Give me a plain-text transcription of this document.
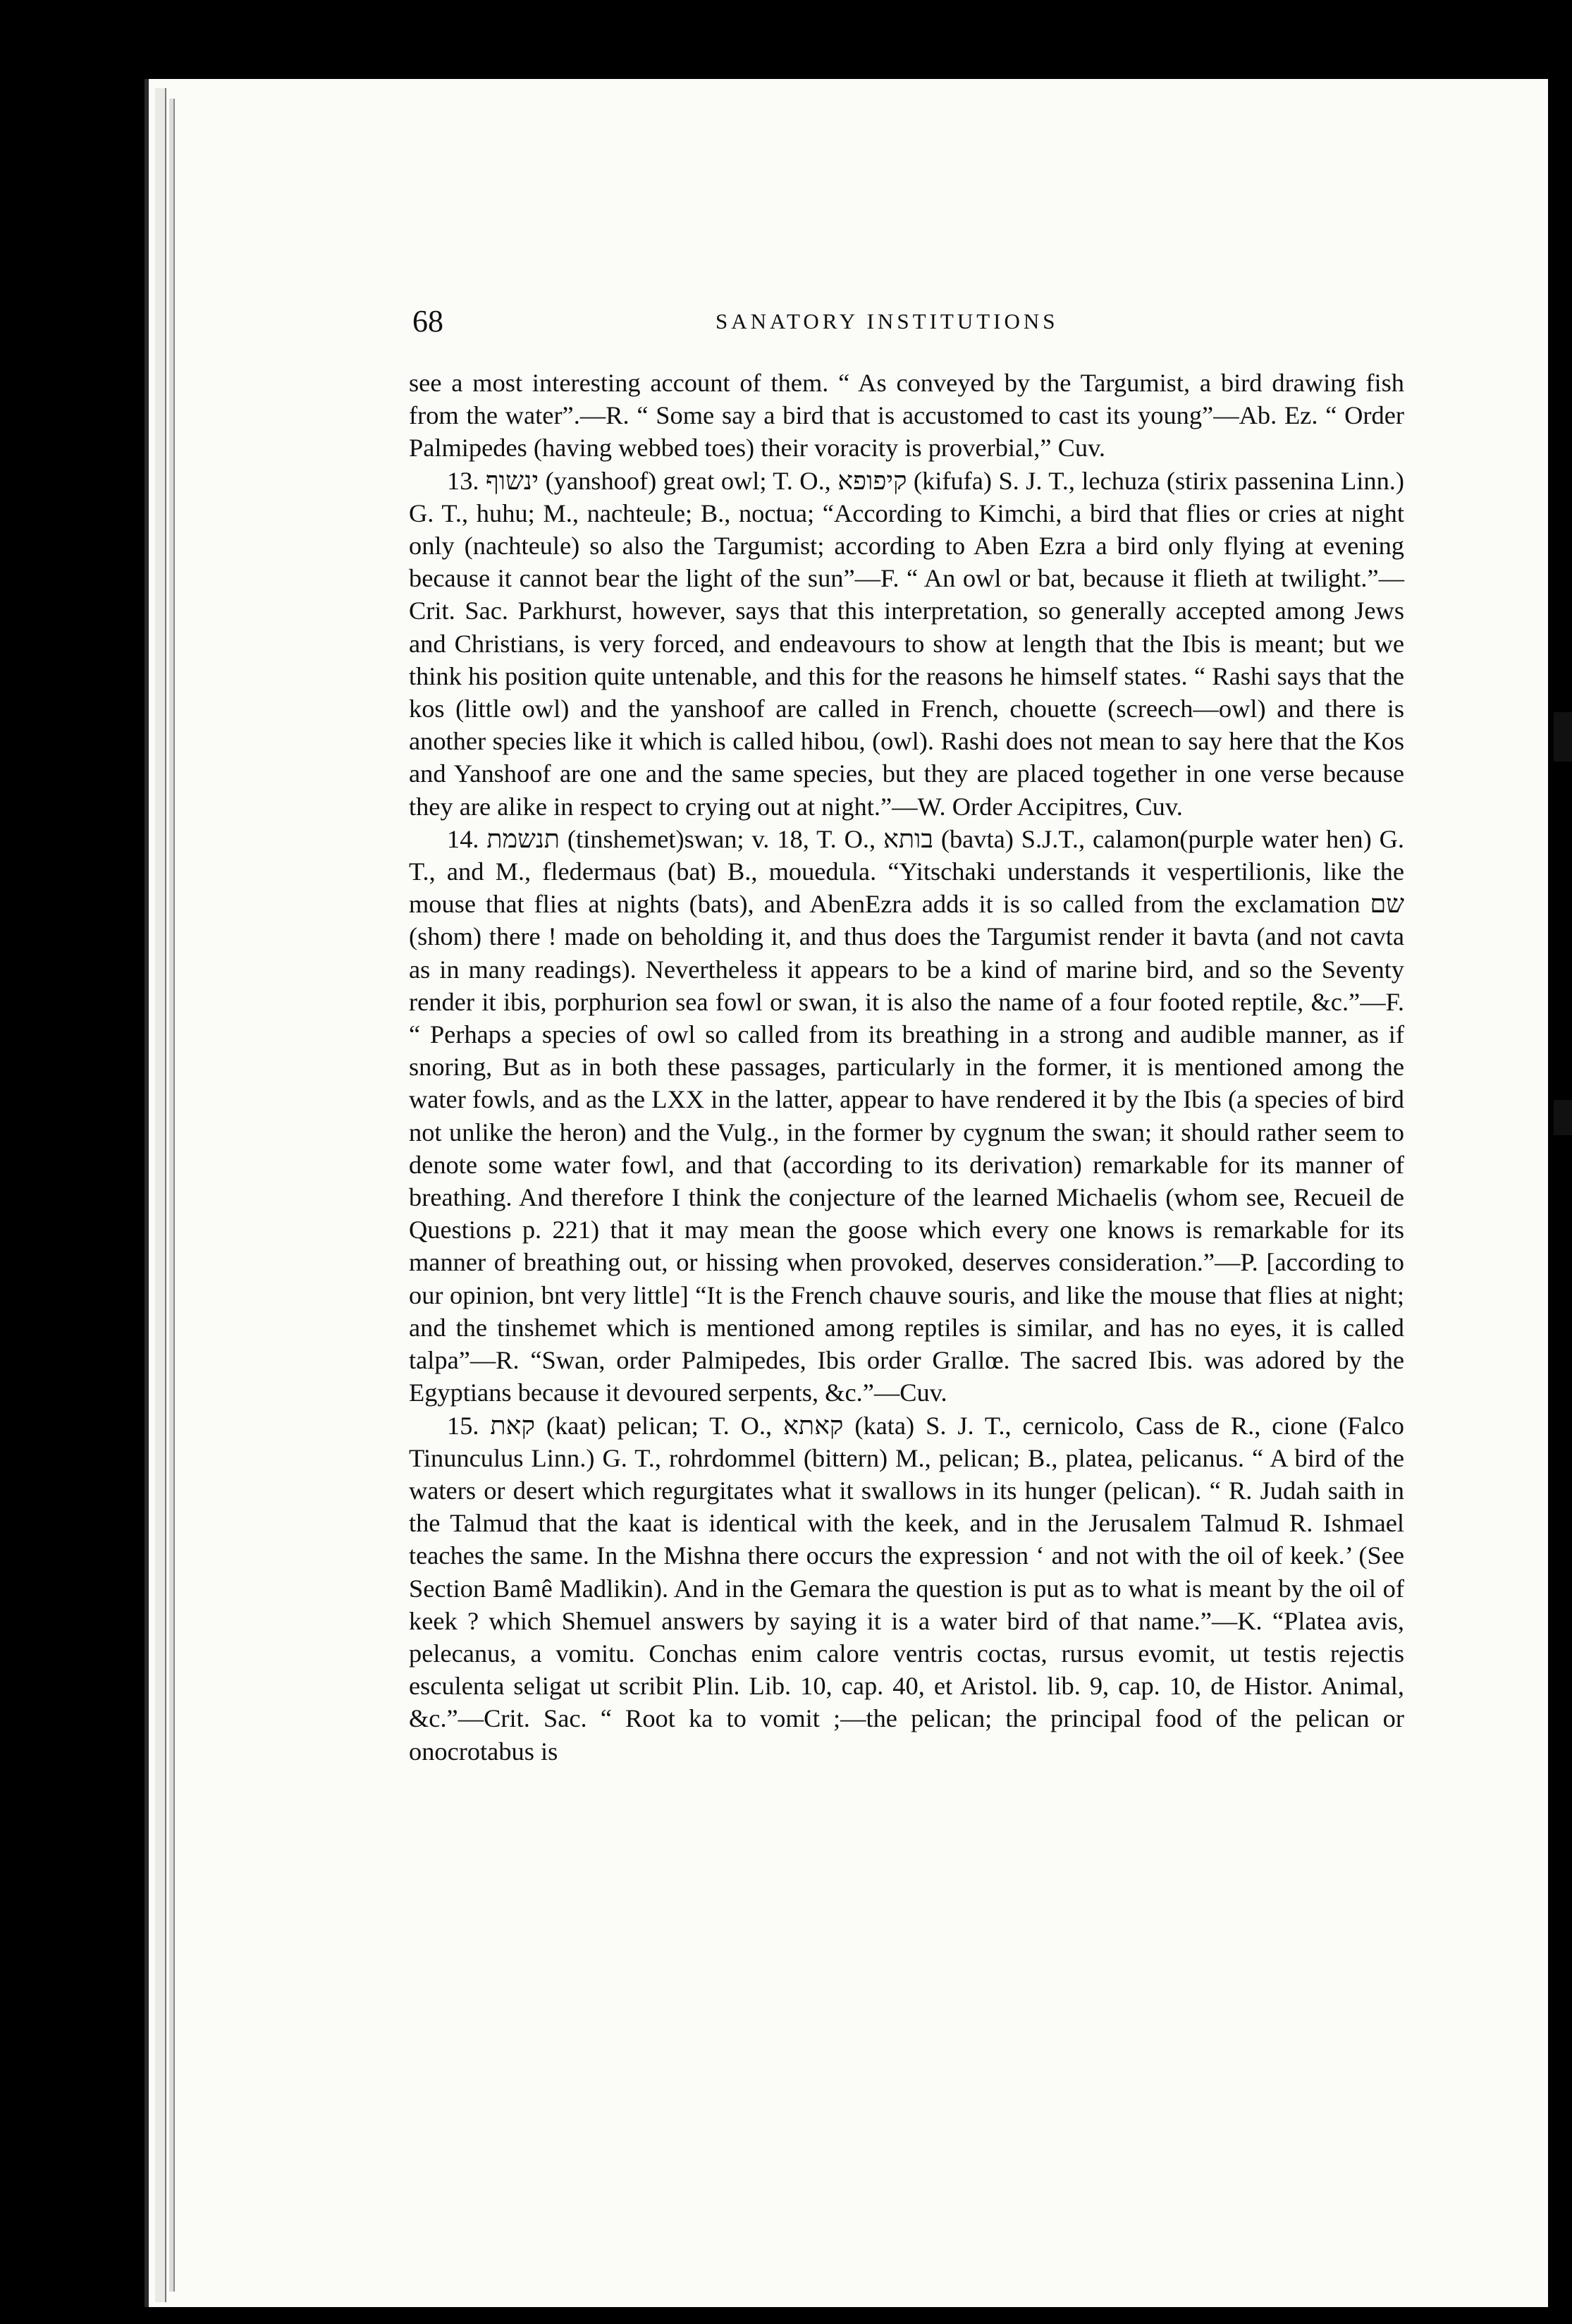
68	SANATORY INSTITUTIONS

see a most interesting account of them. “ As conveyed by the Targumist, a bird drawing fish from the water”.—R. “ Some say a bird that is accustomed to cast its young”—Ab. Ez. “ Order Palmipedes (having webbed toes) their voracity is proverbial,” Cuv.

13. ינשוף (yanshoof) great owl; T. O., קיפופא (kifufa) S. J. T., lechuza (stirix passenina Linn.) G. T., huhu; M., nachteule; B., noctua; “According to Kimchi, a bird that flies or cries at night only (nachteule) so also the Targumist; according to Aben Ezra a bird only flying at evening because it cannot bear the light of the sun”—F. “ An owl or bat, because it flieth at twilight.”—Crit. Sac. Parkhurst, however, says that this interpretation, so generally accepted among Jews and Christians, is very forced, and endeavours to show at length that the Ibis is meant; but we think his position quite untenable, and this for the reasons he himself states. “ Rashi says that the kos (little owl) and the yanshoof are called in French, chouette (screech—owl) and there is another species like it which is called hibou, (owl). Rashi does not mean to say here that the Kos and Yanshoof are one and the same species, but they are placed together in one verse because they are alike in respect to crying out at night.”—W. Order Accipitres, Cuv.

14. תנשמת (tinshemet)swan; v. 18, T. O., בותא (bavta) S.J.T., calamon(purple water hen) G. T., and M., fledermaus (bat) B., mouedula. “Yitschaki understands it vespertilionis, like the mouse that flies at nights (bats), and AbenEzra adds it is so called from the exclamation שם (shom) there ! made on beholding it, and thus does the Targumist render it bavta (and not cavta as in many readings). Nevertheless it appears to be a kind of marine bird, and so the Seventy render it ibis, porphurion sea fowl or swan, it is also the name of a four footed reptile, &c.”—F. “ Perhaps a species of owl so called from its breathing in a strong and audible manner, as if snoring, But as in both these passages, particularly in the former, it is mentioned among the water fowls, and as the LXX in the latter, appear to have rendered it by the Ibis (a species of bird not unlike the heron) and the Vulg., in the former by cygnum the swan; it should rather seem to denote some water fowl, and that (according to its derivation) remarkable for its manner of breathing. And therefore I think the conjecture of the learned Michaelis (whom see, Recueil de Questions p. 221) that it may mean the goose which every one knows is remarkable for its manner of breathing out, or hissing when provoked, deserves consideration.”—P. [according to our opinion, bnt very little] “It is the French chauve souris, and like the mouse that flies at night; and the tinshemet which is mentioned among reptiles is similar, and has no eyes, it is called talpa”—R. “Swan, order Palmipedes, Ibis order Grallœ. The sacred Ibis. was adored by the Egyptians because it devoured serpents, &c.”—Cuv.

15. קאת (kaat) pelican; T. O., קאתא (kata) S. J. T., cernicolo, Cass de R., cione (Falco Tinunculus Linn.) G. T., rohrdommel (bittern) M., pelican; B., platea, pelicanus. “ A bird of the waters or desert which regurgitates what it swallows in its hunger (pelican). “ R. Judah saith in the Talmud that the kaat is identical with the keek, and in the Jerusalem Talmud R. Ishmael teaches the same. In the Mishna there occurs the expression ‘ and not with the oil of keek.’ (See Section Bamê Madlikin). And in the Gemara the question is put as to what is meant by the oil of keek ? which Shemuel answers by saying it is a water bird of that name.”—K. “Platea avis, pelecanus, a vomitu. Conchas enim calore ventris coctas, rursus evomit, ut testis rejectis esculenta seligat ut scribit Plin. Lib. 10, cap. 40, et Aristol. lib. 9, cap. 10, de Histor. Animal, &c.”—Crit. Sac. “ Root ka to vomit ;—the pelican; the principal food of the pelican or onocrotabus is
